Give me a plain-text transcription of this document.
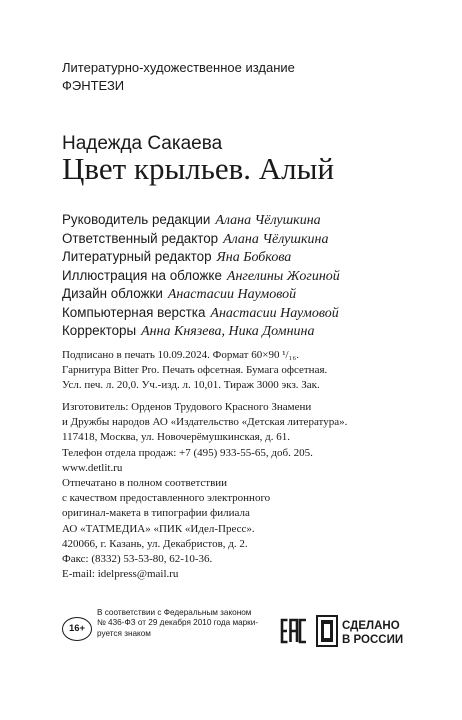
Литературно-художественное издание
ФЭНТЕЗИ
Надежда Сакаева
Цвет крыльев. Алый
Руководитель редакции Алана Чёлушкина
Ответственный редактор Алана Чёлушкина
Литературный редактор Яна Бобкова
Иллюстрация на обложке Ангелины Жогиной
Дизайн обложки Анастасии Наумовой
Компьютерная верстка Анастасии Наумовой
Корректоры Анна Князева, Ника Домнина
Подписано в печать 10.09.2024. Формат 60×90 ¹/₁₆.
Гарнитура Bitter Pro. Печать офсетная. Бумага офсетная.
Усл. печ. л. 20,0. Уч.-изд. л. 10,01. Тираж 3000 экз. Зак.
Изготовитель: Орденов Трудового Красного Знамени
и Дружбы народов АО «Издательство «Детская литература».
117418, Москва, ул. Новочерёмушкинская, д. 61.
Телефон отдела продаж: +7 (495) 933-55-65, доб. 205.
www.detlit.ru
Отпечатано в полном соответствии
с качеством предоставленного электронного
оригинал-макета в типографии филиала
АО «ТАТМЕДИА» «ПИК «Идел-Пресс».
420066, г. Казань, ул. Декабристов, д. 2.
Факс: (8332) 53-53-80, 62-10-36.
E-mail: idelpress@mail.ru
16+
В соответствии с Федеральным законом
№ 436-ФЗ от 29 декабря 2010 года марки-
руется знаком
СДЕЛАНО
В РОССИИ
